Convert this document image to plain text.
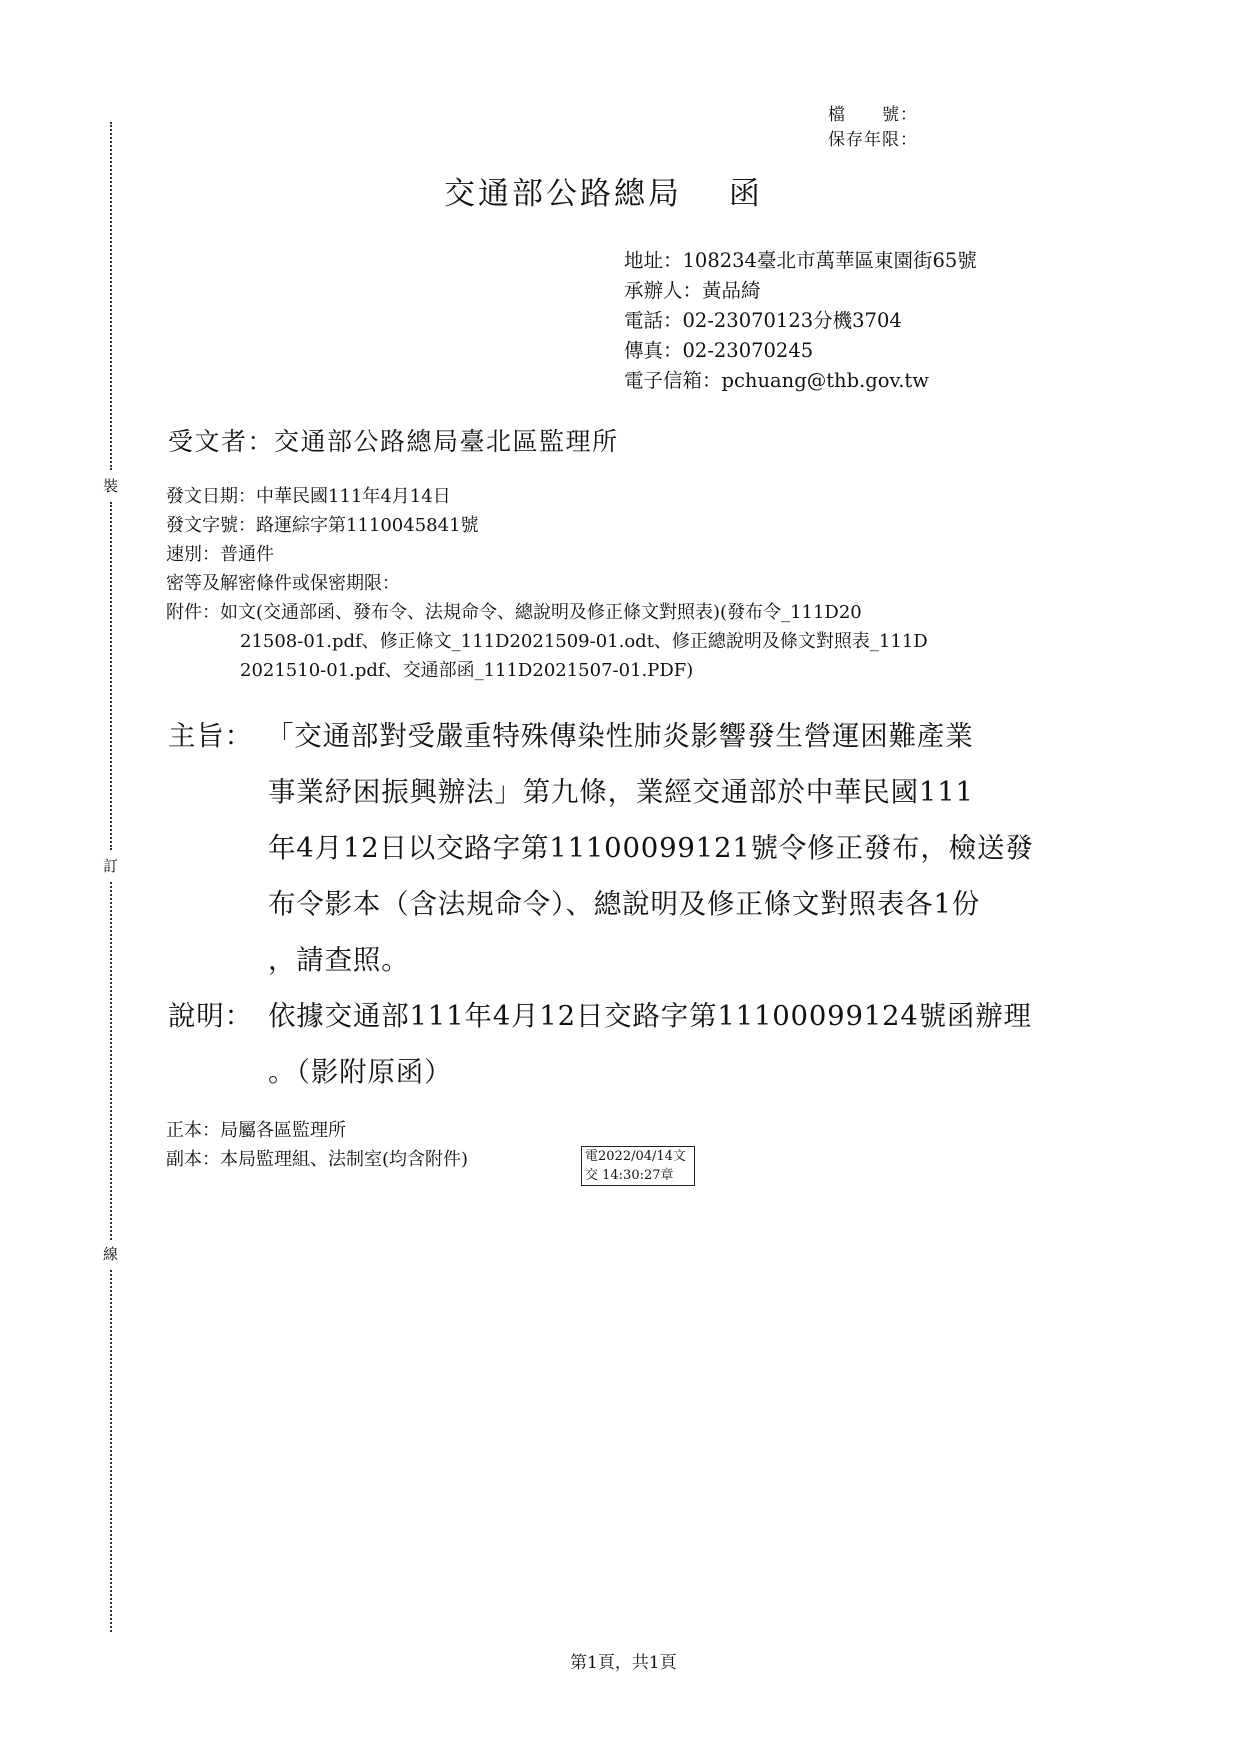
裝
訂
線
檔　　號：
保存年限：
交通部公路總局　 函
地址：108234臺北市萬華區東園街65號
承辦人：黃品綺
電話：02-23070123分機3704
傳真：02-23070245
電子信箱：pchuang@thb.gov.tw
受文者：交通部公路總局臺北區監理所
發文日期：中華民國111年4月14日
發文字號：路運綜字第1110045841號
速別：普通件
密等及解密條件或保密期限：
附件：如文(交通部函、發布令、法規命令、總說明及修正條文對照表)(發布令_111D20
21508-01.pdf、修正條文_111D2021509-01.odt、修正總說明及條文對照表_111D
2021510-01.pdf、交通部函_111D2021507-01.PDF)
主旨： 「交通部對受嚴重特殊傳染性肺炎影響發生營運困難產業
事業紓困振興辦法」第九條，業經交通部於中華民國111
年4月12日以交路字第11100099121號令修正發布，檢送發
布令影本（含法規命令）、總說明及修正條文對照表各1份
，請查照。
說明： 依據交通部111年4月12日交路字第11100099124號函辦理
。（影附原函）
正本：局屬各區監理所
副本：本局監理組、法制室(均含附件)	電2022/04/14文
交 14:30:27章
第1頁，共1頁
